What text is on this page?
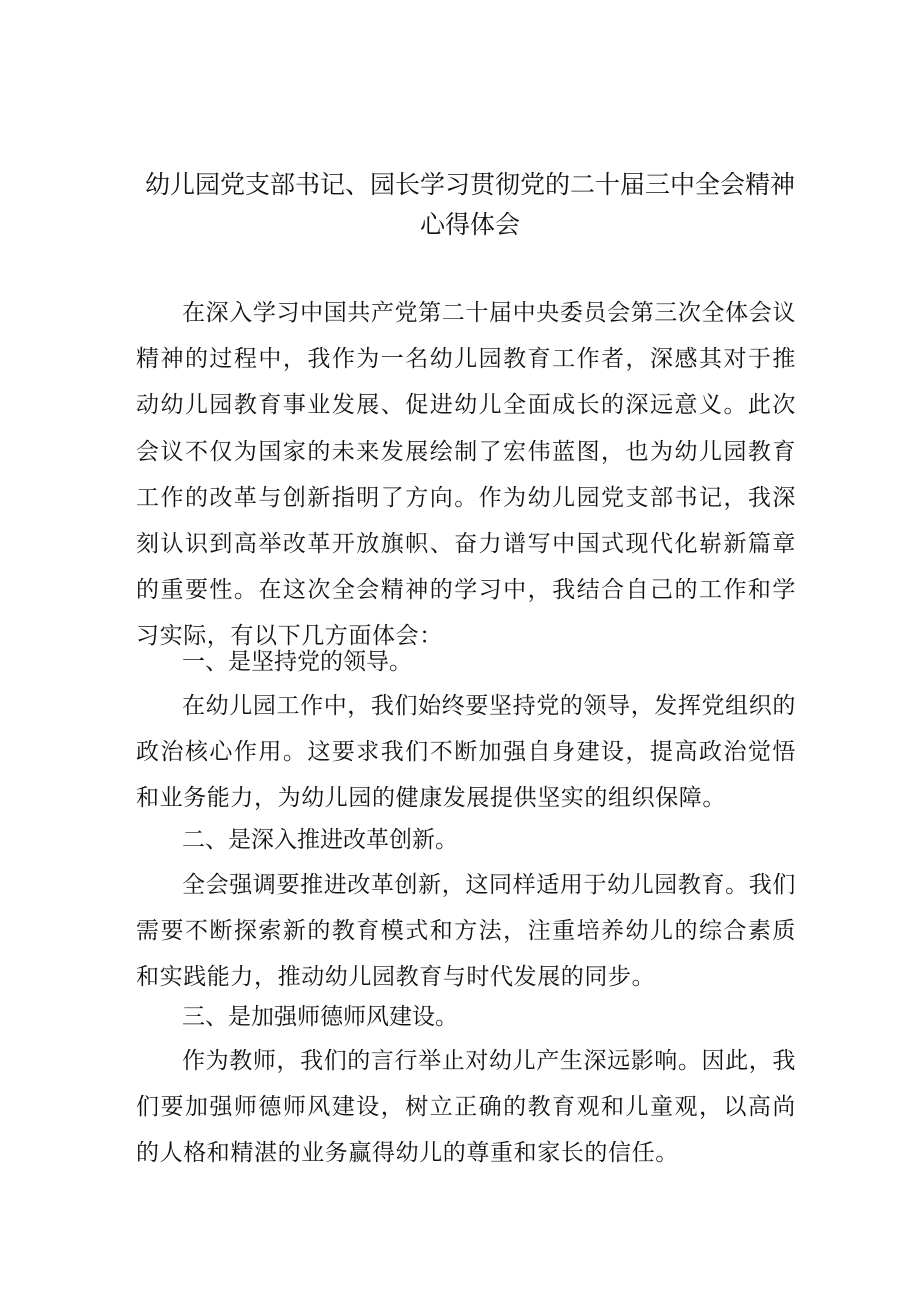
幼儿园党支部书记、园长学习贯彻党的二十届三中全会精神
心得体会

在深入学习中国共产党第二十届中央委员会第三次全体会议精神的过程中，我作为一名幼儿园教育工作者，深感其对于推动幼儿园教育事业发展、促进幼儿全面成长的深远意义。此次会议不仅为国家的未来发展绘制了宏伟蓝图，也为幼儿园教育工作的改革与创新指明了方向。作为幼儿园党支部书记，我深刻认识到高举改革开放旗帜、奋力谱写中国式现代化崭新篇章的重要性。在这次全会精神的学习中，我结合自己的工作和学习实际，有以下几方面体会：

一、是坚持党的领导。

在幼儿园工作中，我们始终要坚持党的领导，发挥党组织的政治核心作用。这要求我们不断加强自身建设，提高政治觉悟和业务能力，为幼儿园的健康发展提供坚实的组织保障。

二、是深入推进改革创新。

全会强调要推进改革创新，这同样适用于幼儿园教育。我们需要不断探索新的教育模式和方法，注重培养幼儿的综合素质和实践能力，推动幼儿园教育与时代发展的同步。

三、是加强师德师风建设。

作为教师，我们的言行举止对幼儿产生深远影响。因此，我们要加强师德师风建设，树立正确的教育观和儿童观，以高尚的人格和精湛的业务赢得幼儿的尊重和家长的信任。
